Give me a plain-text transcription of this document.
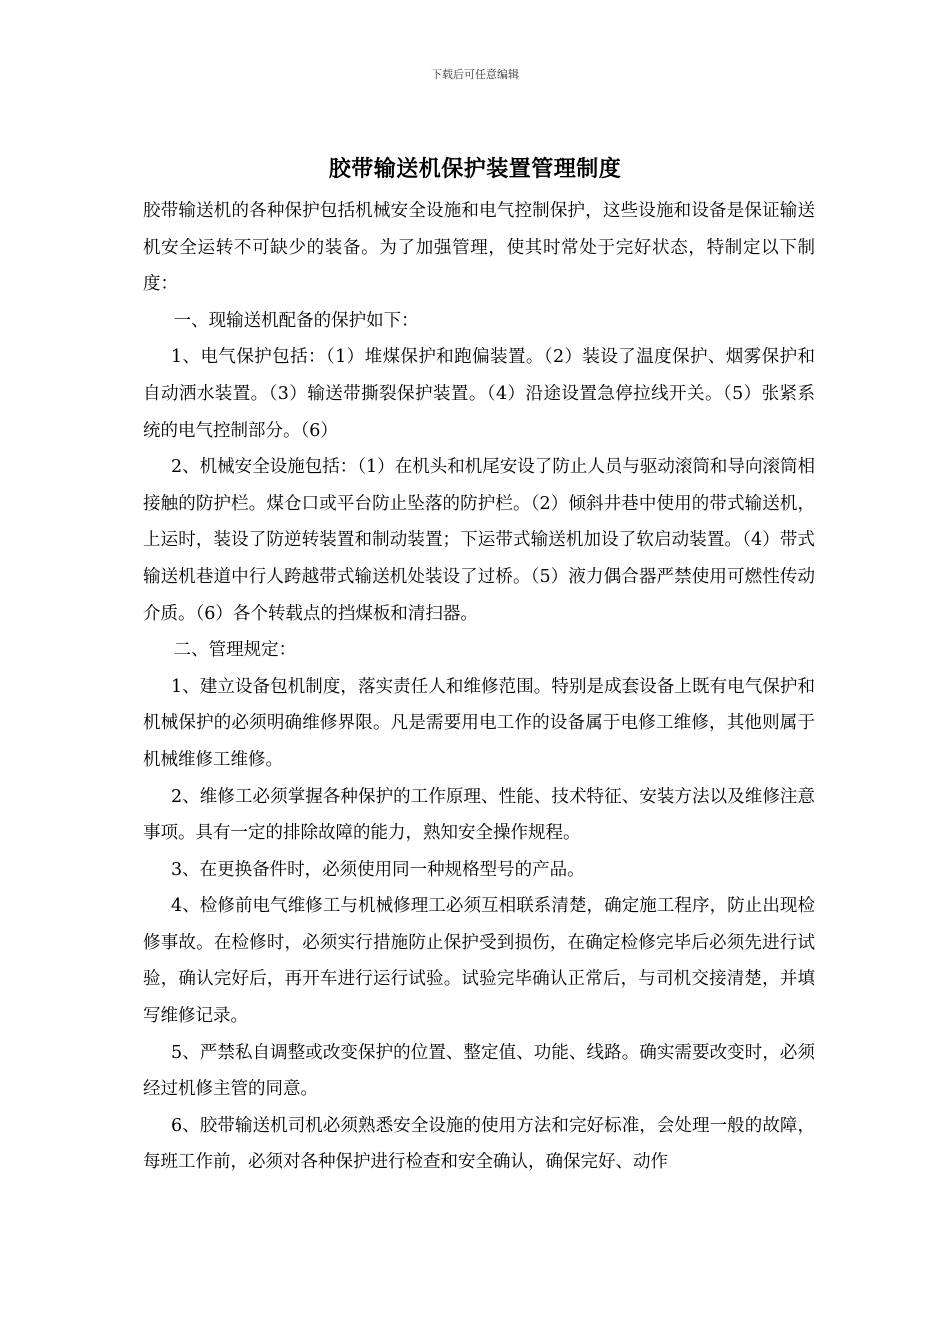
下载后可任意编辑
胶带输送机保护装置管理制度

胶带输送机的各种保护包括机械安全设施和电气控制保护，这些设施和设备是保证输送机安全运转不可缺少的装备。为了加强管理，使其时常处于完好状态，特制定以下制度：

一、现输送机配备的保护如下：

1、电气保护包括：（1）堆煤保护和跑偏装置。（2）装设了温度保护、烟雾保护和自动洒水装置。（3）输送带撕裂保护装置。（4）沿途设置急停拉线开关。（5）张紧系统的电气控制部分。（6）

2、机械安全设施包括：（1）在机头和机尾安设了防止人员与驱动滚筒和导向滚筒相接触的防护栏。煤仓口或平台防止坠落的防护栏。（2）倾斜井巷中使用的带式输送机，上运时，装设了防逆转装置和制动装置；下运带式输送机加设了软启动装置。（4）带式输送机巷道中行人跨越带式输送机处装设了过桥。（5）液力偶合器严禁使用可燃性传动介质。（6）各个转载点的挡煤板和清扫器。

二、管理规定：

1、建立设备包机制度，落实责任人和维修范围。特别是成套设备上既有电气保护和机械保护的必须明确维修界限。凡是需要用电工作的设备属于电修工维修，其他则属于机械维修工维修。

2、维修工必须掌握各种保护的工作原理、性能、技术特征、安装方法以及维修注意事项。具有一定的排除故障的能力，熟知安全操作规程。

3、在更换备件时，必须使用同一种规格型号的产品。

4、检修前电气维修工与机械修理工必须互相联系清楚，确定施工程序，防止出现检修事故。在检修时，必须实行措施防止保护受到损伤，在确定检修完毕后必须先进行试验，确认完好后，再开车进行运行试验。试验完毕确认正常后，与司机交接清楚，并填写维修记录。

5、严禁私自调整或改变保护的位置、整定值、功能、线路。确实需要改变时，必须经过机修主管的同意。

6、胶带输送机司机必须熟悉安全设施的使用方法和完好标准，会处理一般的故障，每班工作前，必须对各种保护进行检查和安全确认，确保完好、动作
